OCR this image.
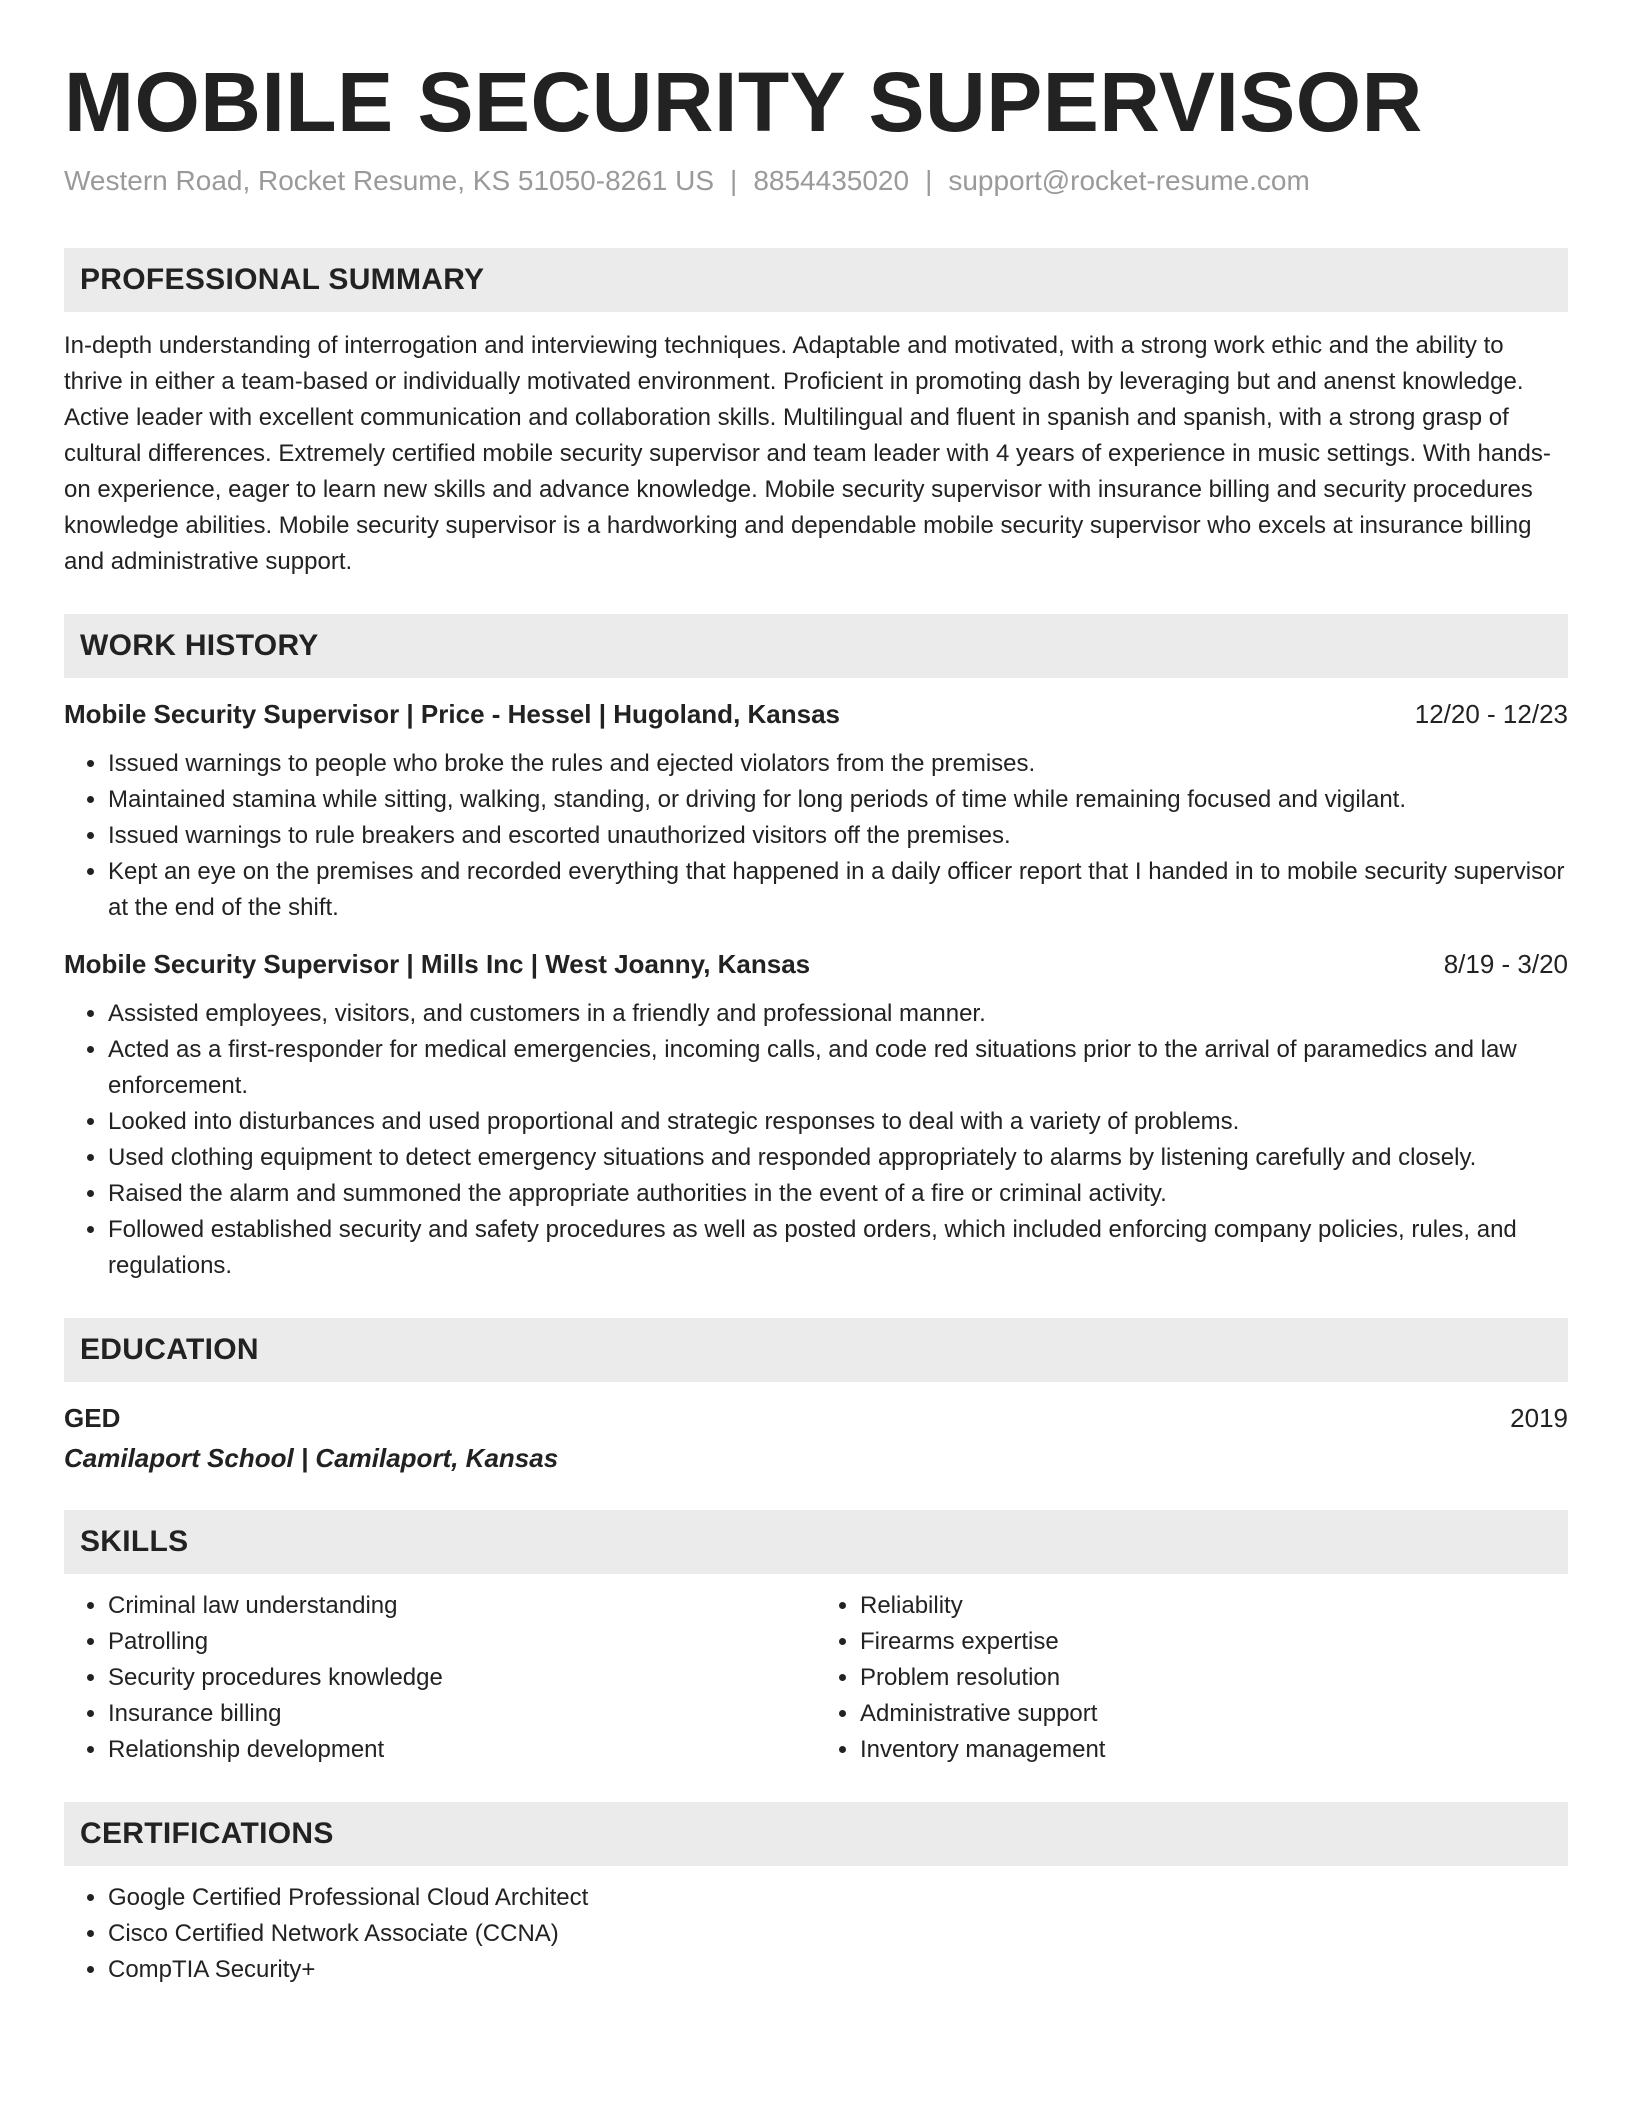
MOBILE SECURITY SUPERVISOR
Western Road, Rocket Resume, KS 51050-8261 US | 8854435020 | support@rocket-resume.com
PROFESSIONAL SUMMARY
In-depth understanding of interrogation and interviewing techniques. Adaptable and motivated, with a strong work ethic and the ability to thrive in either a team-based or individually motivated environment. Proficient in promoting dash by leveraging but and anenst knowledge. Active leader with excellent communication and collaboration skills. Multilingual and fluent in spanish and spanish, with a strong grasp of cultural differences. Extremely certified mobile security supervisor and team leader with 4 years of experience in music settings. With hands-on experience, eager to learn new skills and advance knowledge. Mobile security supervisor with insurance billing and security procedures knowledge abilities. Mobile security supervisor is a hardworking and dependable mobile security supervisor who excels at insurance billing and administrative support.
WORK HISTORY
Mobile Security Supervisor | Price - Hessel | Hugoland, Kansas	12/20 - 12/23
• Issued warnings to people who broke the rules and ejected violators from the premises.
• Maintained stamina while sitting, walking, standing, or driving for long periods of time while remaining focused and vigilant.
• Issued warnings to rule breakers and escorted unauthorized visitors off the premises.
• Kept an eye on the premises and recorded everything that happened in a daily officer report that I handed in to mobile security supervisor at the end of the shift.
Mobile Security Supervisor | Mills Inc | West Joanny, Kansas	8/19 - 3/20
• Assisted employees, visitors, and customers in a friendly and professional manner.
• Acted as a first-responder for medical emergencies, incoming calls, and code red situations prior to the arrival of paramedics and law enforcement.
• Looked into disturbances and used proportional and strategic responses to deal with a variety of problems.
• Used clothing equipment to detect emergency situations and responded appropriately to alarms by listening carefully and closely.
• Raised the alarm and summoned the appropriate authorities in the event of a fire or criminal activity.
• Followed established security and safety procedures as well as posted orders, which included enforcing company policies, rules, and regulations.
EDUCATION
GED	2019
Camilaport School | Camilaport, Kansas
SKILLS
• Criminal law understanding
• Patrolling
• Security procedures knowledge
• Insurance billing
• Relationship development
• Reliability
• Firearms expertise
• Problem resolution
• Administrative support
• Inventory management
CERTIFICATIONS
• Google Certified Professional Cloud Architect
• Cisco Certified Network Associate (CCNA)
• CompTIA Security+
